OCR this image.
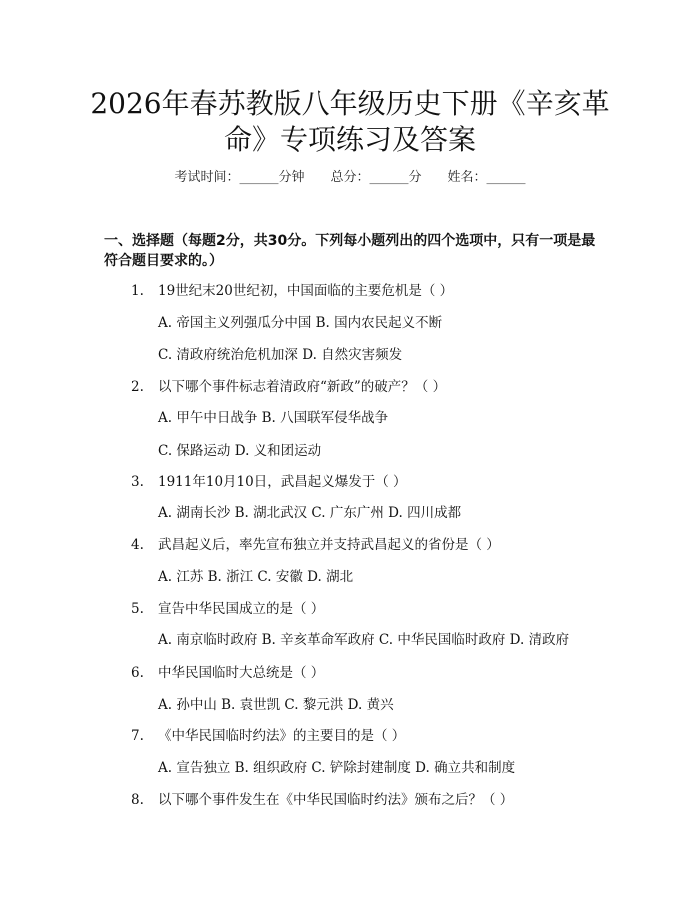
2026年春苏教版八年级历史下册《辛亥革
命》专项练习及答案
考试时间：______分钟 总分：______分 姓名：______
一、选择题（每题2分，共30分。下列每小题列出的四个选项中，只有一项是最
符合题目要求的。）
1. 19世纪末20世纪初，中国面临的主要危机是（ ）
A. 帝国主义列强瓜分中国 B. 国内农民起义不断
C. 清政府统治危机加深 D. 自然灾害频发
2. 以下哪个事件标志着清政府“新政”的破产？（ ）
A. 甲午中日战争 B. 八国联军侵华战争
C. 保路运动 D. 义和团运动
3. 1911年10月10日，武昌起义爆发于（ ）
A. 湖南长沙 B. 湖北武汉 C. 广东广州 D. 四川成都
4. 武昌起义后，率先宣布独立并支持武昌起义的省份是（ ）
A. 江苏 B. 浙江 C. 安徽 D. 湖北
5. 宣告中华民国成立的是（ ）
A. 南京临时政府 B. 辛亥革命军政府 C. 中华民国临时政府 D. 清政府
6. 中华民国临时大总统是（ ）
A. 孙中山 B. 袁世凯 C. 黎元洪 D. 黄兴
7. 《中华民国临时约法》的主要目的是（ ）
A. 宣告独立 B. 组织政府 C. 铲除封建制度 D. 确立共和制度
8. 以下哪个事件发生在《中华民国临时约法》颁布之后？（ ）
